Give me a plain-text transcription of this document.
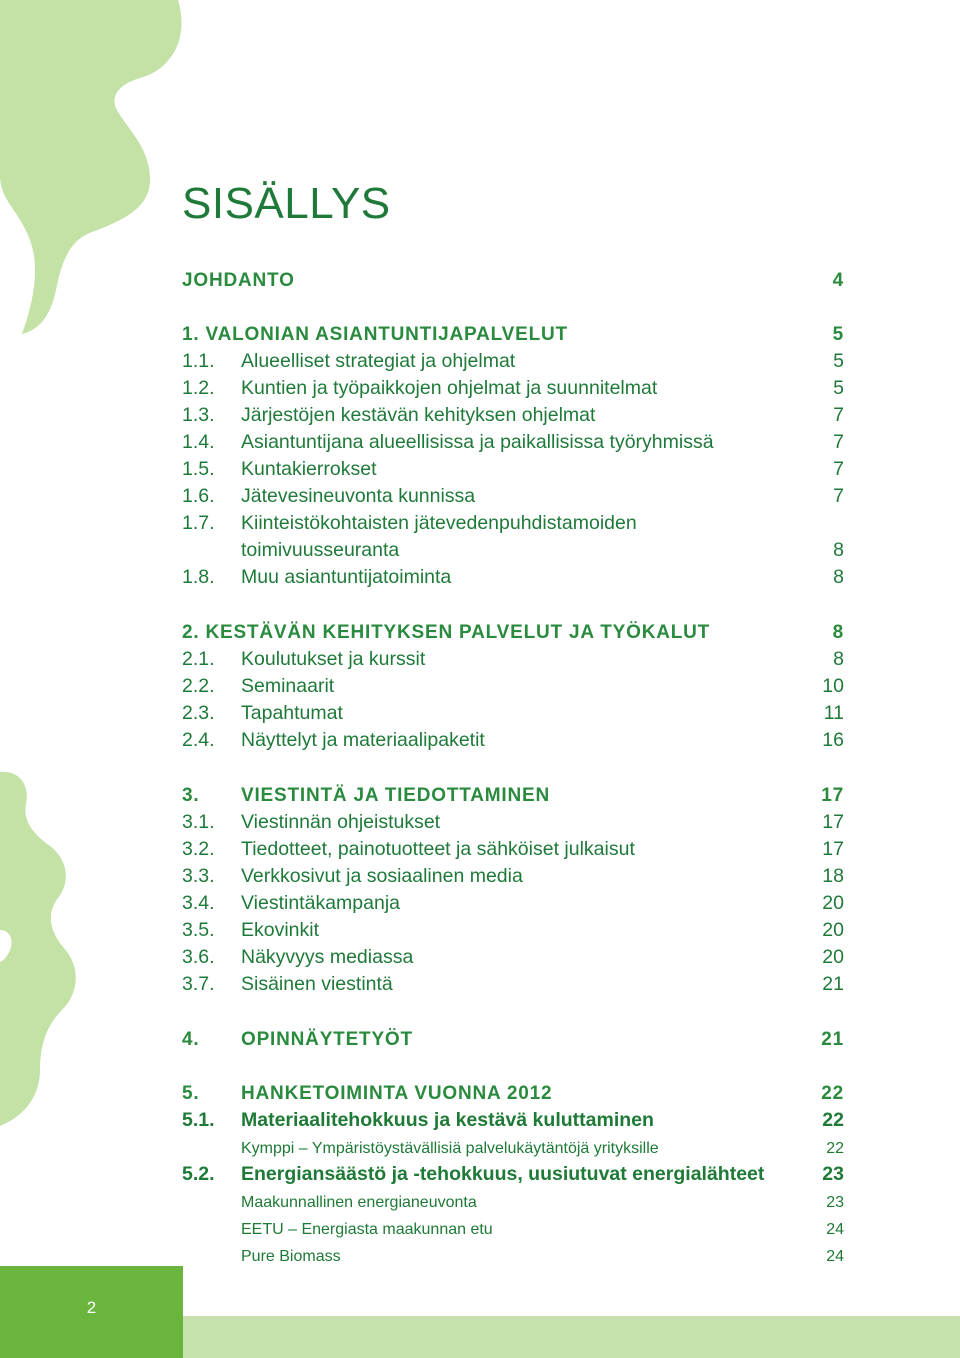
SISÄLLYS
JOHDANTO	4
1. VALONIAN ASIANTUNTIJAPALVELUT	5
1.1.	Alueelliset strategiat ja ohjelmat	5
1.2.	Kuntien ja työpaikkojen ohjelmat ja suunnitelmat	5
1.3.	Järjestöjen kestävän kehityksen ohjelmat	7
1.4.	Asiantuntijana alueellisissa ja paikallisissa työryhmissä	7
1.5.	Kuntakierrokset	7
1.6.	Jätevesineuvonta kunnissa	7
1.7.	Kiinteistökohtaisten jätevedenpuhdistamoiden
toimivuusseuranta	8
1.8.	Muu asiantuntijatoiminta	8
2. KESTÄVÄN KEHITYKSEN PALVELUT JA TYÖKALUT	8
2.1.	Koulutukset ja kurssit	8
2.2.	Seminaarit	10
2.3.	Tapahtumat	11
2.4.	Näyttelyt ja materiaalipaketit	16
3.	VIESTINTÄ JA TIEDOTTAMINEN	17
3.1.	Viestinnän ohjeistukset	17
3.2.	Tiedotteet, painotuotteet ja sähköiset julkaisut	17
3.3.	Verkkosivut ja sosiaalinen media	18
3.4.	Viestintäkampanja	20
3.5.	Ekovinkit	20
3.6.	Näkyvyys mediassa	20
3.7.	Sisäinen viestintä	21
4.	OPINNÄYTETYÖT	21
5.	HANKETOIMINTA VUONNA 2012	22
5.1.	Materiaalitehokkuus ja kestävä kuluttaminen	22
Kymppi – Ympäristöystävällisiä palvelukäytäntöjä yrityksille	22
5.2.	Energiansäästö ja -tehokkuus, uusiutuvat energialähteet	23
Maakunnallinen energianeuvonta	23
EETU – Energiasta maakunnan etu	24
Pure Biomass	24
2
